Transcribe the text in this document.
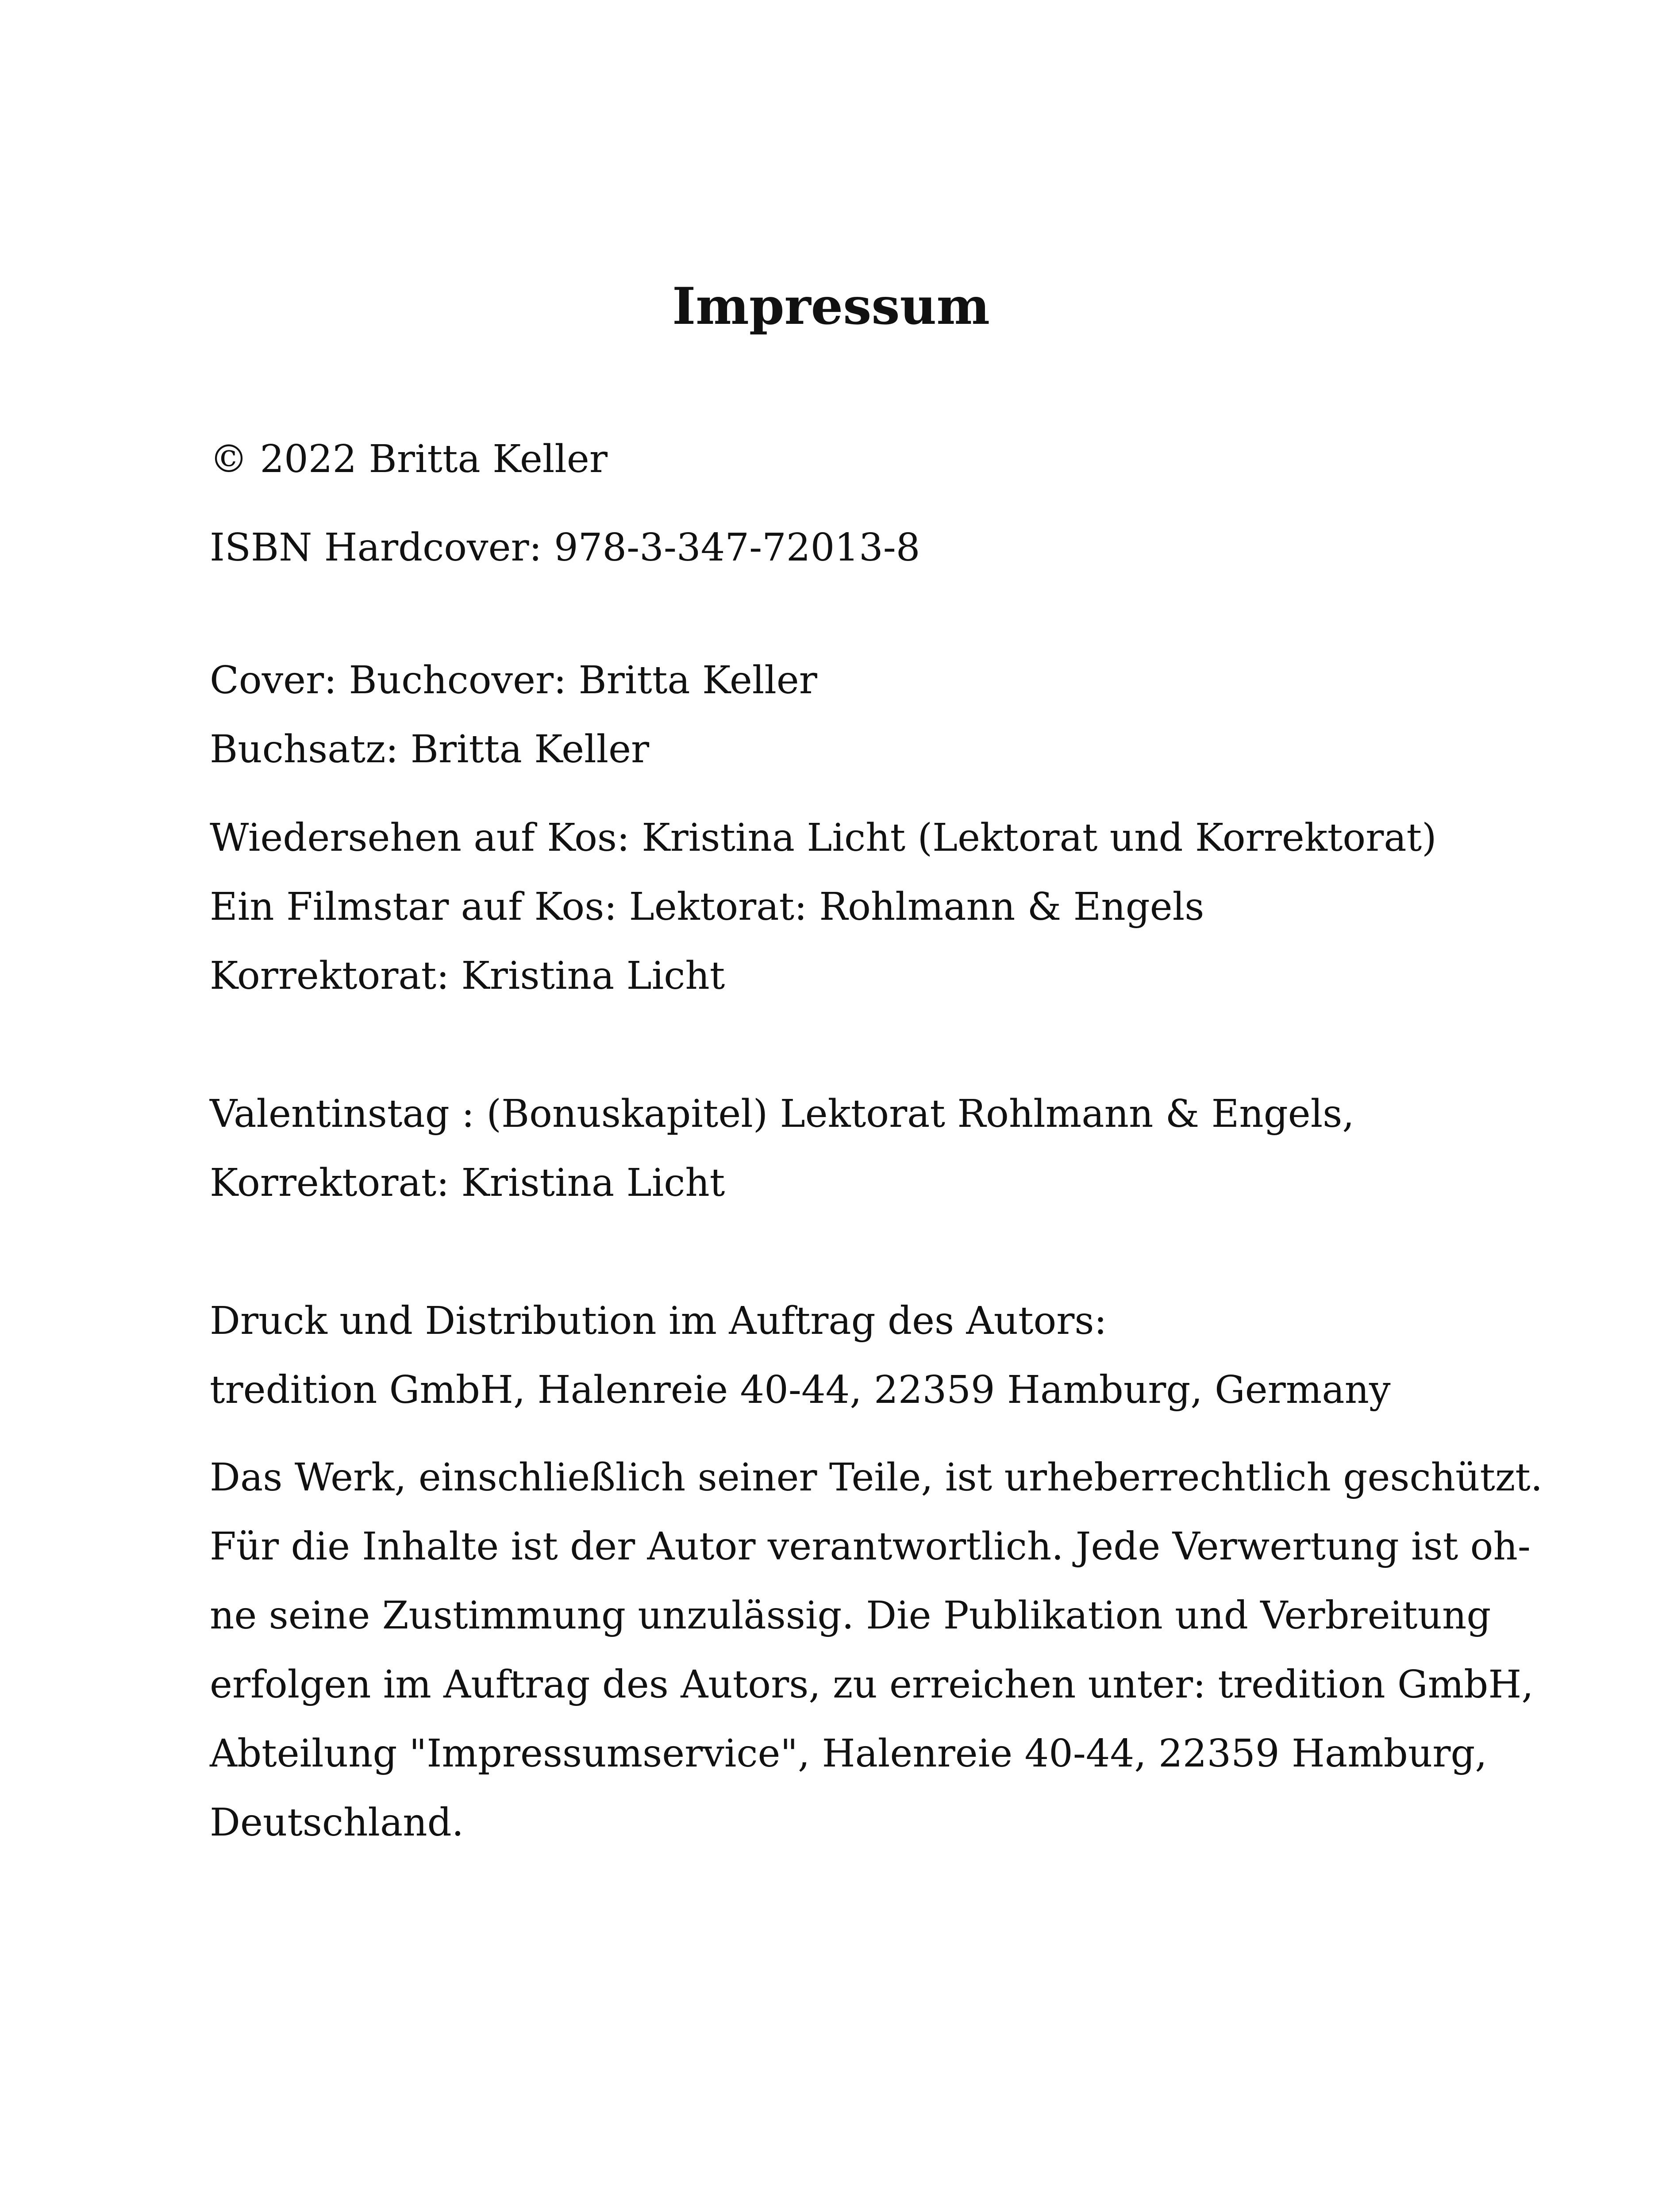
Impressum

© 2022 Britta Keller

ISBN Hardcover: 978-3-347-72013-8

Cover: Buchcover: Britta Keller

Buchsatz: Britta Keller

Wiedersehen auf Kos: Kristina Licht (Lektorat und Korrektorat)

Ein Filmstar auf Kos: Lektorat: Rohlmann & Engels

Korrektorat: Kristina Licht

Valentinstag : (Bonuskapitel) Lektorat Rohlmann & Engels,

Korrektorat: Kristina Licht

Druck und Distribution im Auftrag des Autors:

tredition GmbH, Halenreie 40-44, 22359 Hamburg, Germany

Das Werk, einschließlich seiner Teile, ist urheberrechtlich geschützt.

Für die Inhalte ist der Autor verantwortlich. Jede Verwertung ist oh-

ne seine Zustimmung unzulässig. Die Publikation und Verbreitung

erfolgen im Auftrag des Autors, zu erreichen unter: tredition GmbH,

Abteilung "Impressumservice", Halenreie 40-44, 22359 Hamburg,

Deutschland.
